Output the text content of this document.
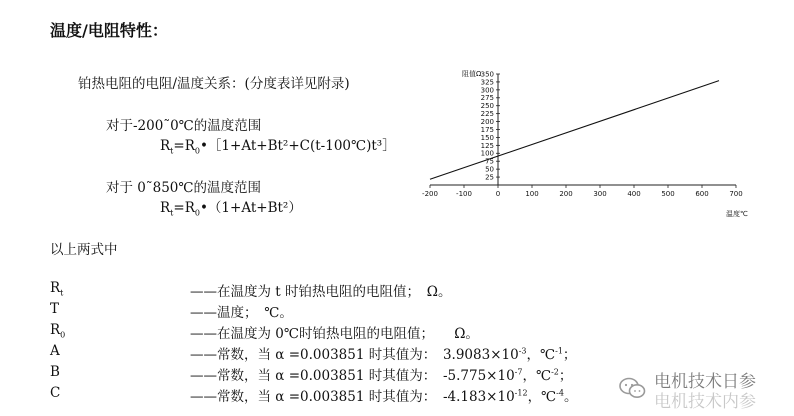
温度/电阻特性：
铂热电阻的电阻/温度关系：(分度表详见附录)
对于-200˜0℃的温度范围
$R_t=R_0•[1+At+Bt^2+C(t-100℃)t^3]$
对于 0˜850℃的温度范围
$R_t=R_0•(1+At+Bt^2)$
以上两式中
$R_t$	——在温度为 t 时铂热电阻的电阻值；　Ω。
T	——温度；　℃。
$R_0$	——在温度为 0℃时铂热电阻的电阻值；　　Ω。
A	——常数，当 α =0.003851 时其值为：　$3.9083\times 10^{-3}$，℃$^{-1}$；
B	——常数，当 α =0.003851 时其值为：　$-5.775\times 10^{-7}$，℃$^{-2}$；
C	——常数，当 α =0.003851 时其值为：　$-4.183\times 10^{-12}$，℃$^{-4}$。
-200	-100	0	100	200	300	400	500	600	700
25
50
75
100
125
150
175
200
225
250
275
300
325
350
阻值Ω
温度℃
电机技术日参
电机技术内参
